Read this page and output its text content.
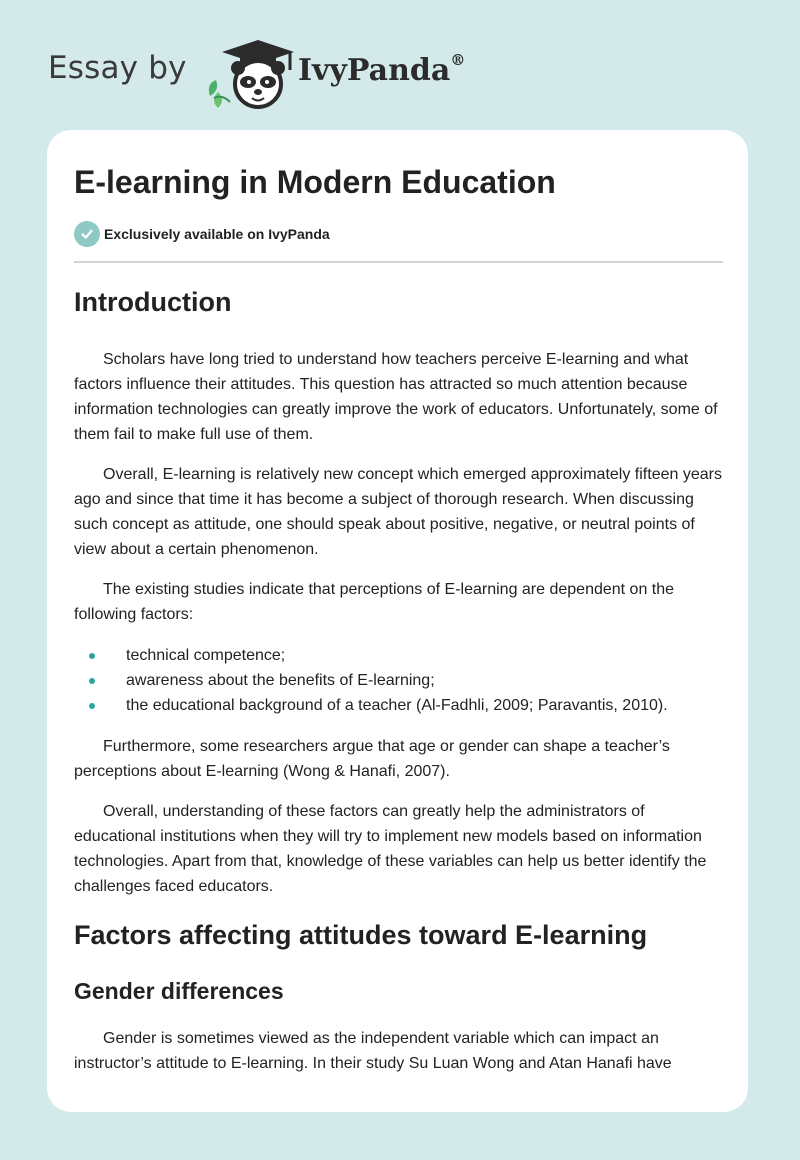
Essay by	IvyPanda®
E-learning in Modern Education
Exclusively available on IvyPanda
Introduction

Scholars have long tried to understand how teachers perceive E-learning and what factors influence their attitudes. This question has attracted so much attention because information technologies can greatly improve the work of educators. Unfortunately, some of them fail to make full use of them.

Overall, E-learning is relatively new concept which emerged approximately fifteen years ago and since that time it has become a subject of thorough research. When discussing such concept as attitude, one should speak about positive, negative, or neutral points of view about a certain phenomenon.

The existing studies indicate that perceptions of E-learning are dependent on the following factors:

technical competence;
awareness about the benefits of E-learning;
the educational background of a teacher (Al-Fadhli, 2009; Paravantis, 2010).

Furthermore, some researchers argue that age or gender can shape a teacher’s perceptions about E-learning (Wong & Hanafi, 2007).

Overall, understanding of these factors can greatly help the administrators of educational institutions when they will try to implement new models based on information technologies. Apart from that, knowledge of these variables can help us better identify the challenges faced educators.

Factors affecting attitudes toward E-learning
Gender differences

Gender is sometimes viewed as the independent variable which can impact an instructor’s attitude to E-learning. In their study Su Luan Wong and Atan Hanafi have
